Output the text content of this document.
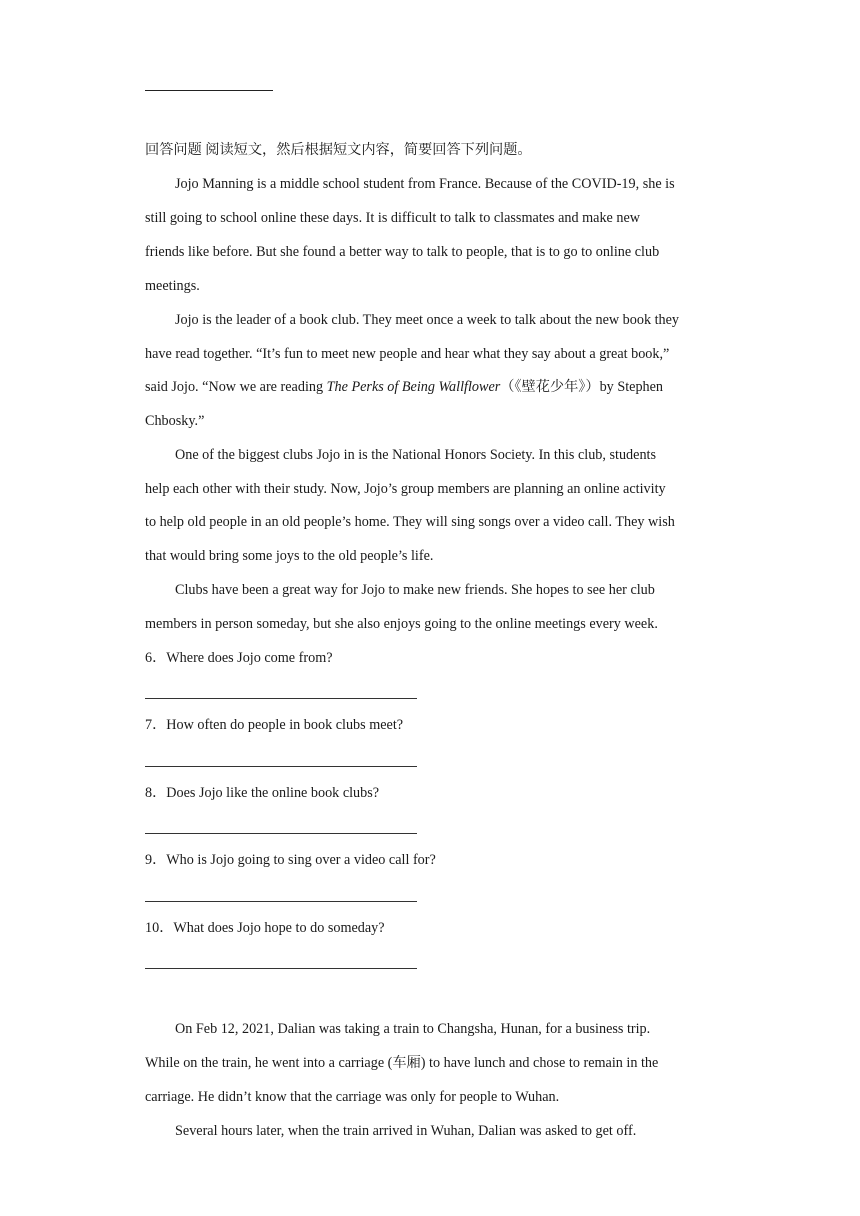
回答问题 阅读短文，然后根据短文内容，简要回答下列问题。
Jojo Manning is a middle school student from France. Because of the COVID-19, she is
still going to school online these days. It is difficult to talk to classmates and make new
friends like before. But she found a better way to talk to people, that is to go to online club
meetings.
Jojo is the leader of a book club. They meet once a week to talk about the new book they
have read together. “It’s fun to meet new people and hear what they say about a great book,”
said Jojo. “Now we are reading The Perks of Being Wallflower（《壁花少年》）by Stephen
Chbosky.”
One of the biggest clubs Jojo in is the National Honors Society. In this club, students
help each other with their study. Now, Jojo’s group members are planning an online activity
to help old people in an old people’s home. They will sing songs over a video call. They wish
that would bring some joys to the old people’s life.
Clubs have been a great way for Jojo to make new friends. She hopes to see her club
members in person someday, but she also enjoys going to the online meetings every week.
6．Where does Jojo come from?
7．How often do people in book clubs meet?
8．Does Jojo like the online book clubs?
9．Who is Jojo going to sing over a video call for?
10．What does Jojo hope to do someday?
On Feb 12, 2021, Dalian was taking a train to Changsha, Hunan, for a business trip.
While on the train, he went into a carriage (车厢) to have lunch and chose to remain in the
carriage. He didn’t know that the carriage was only for people to Wuhan.
Several hours later, when the train arrived in Wuhan, Dalian was asked to get off.
